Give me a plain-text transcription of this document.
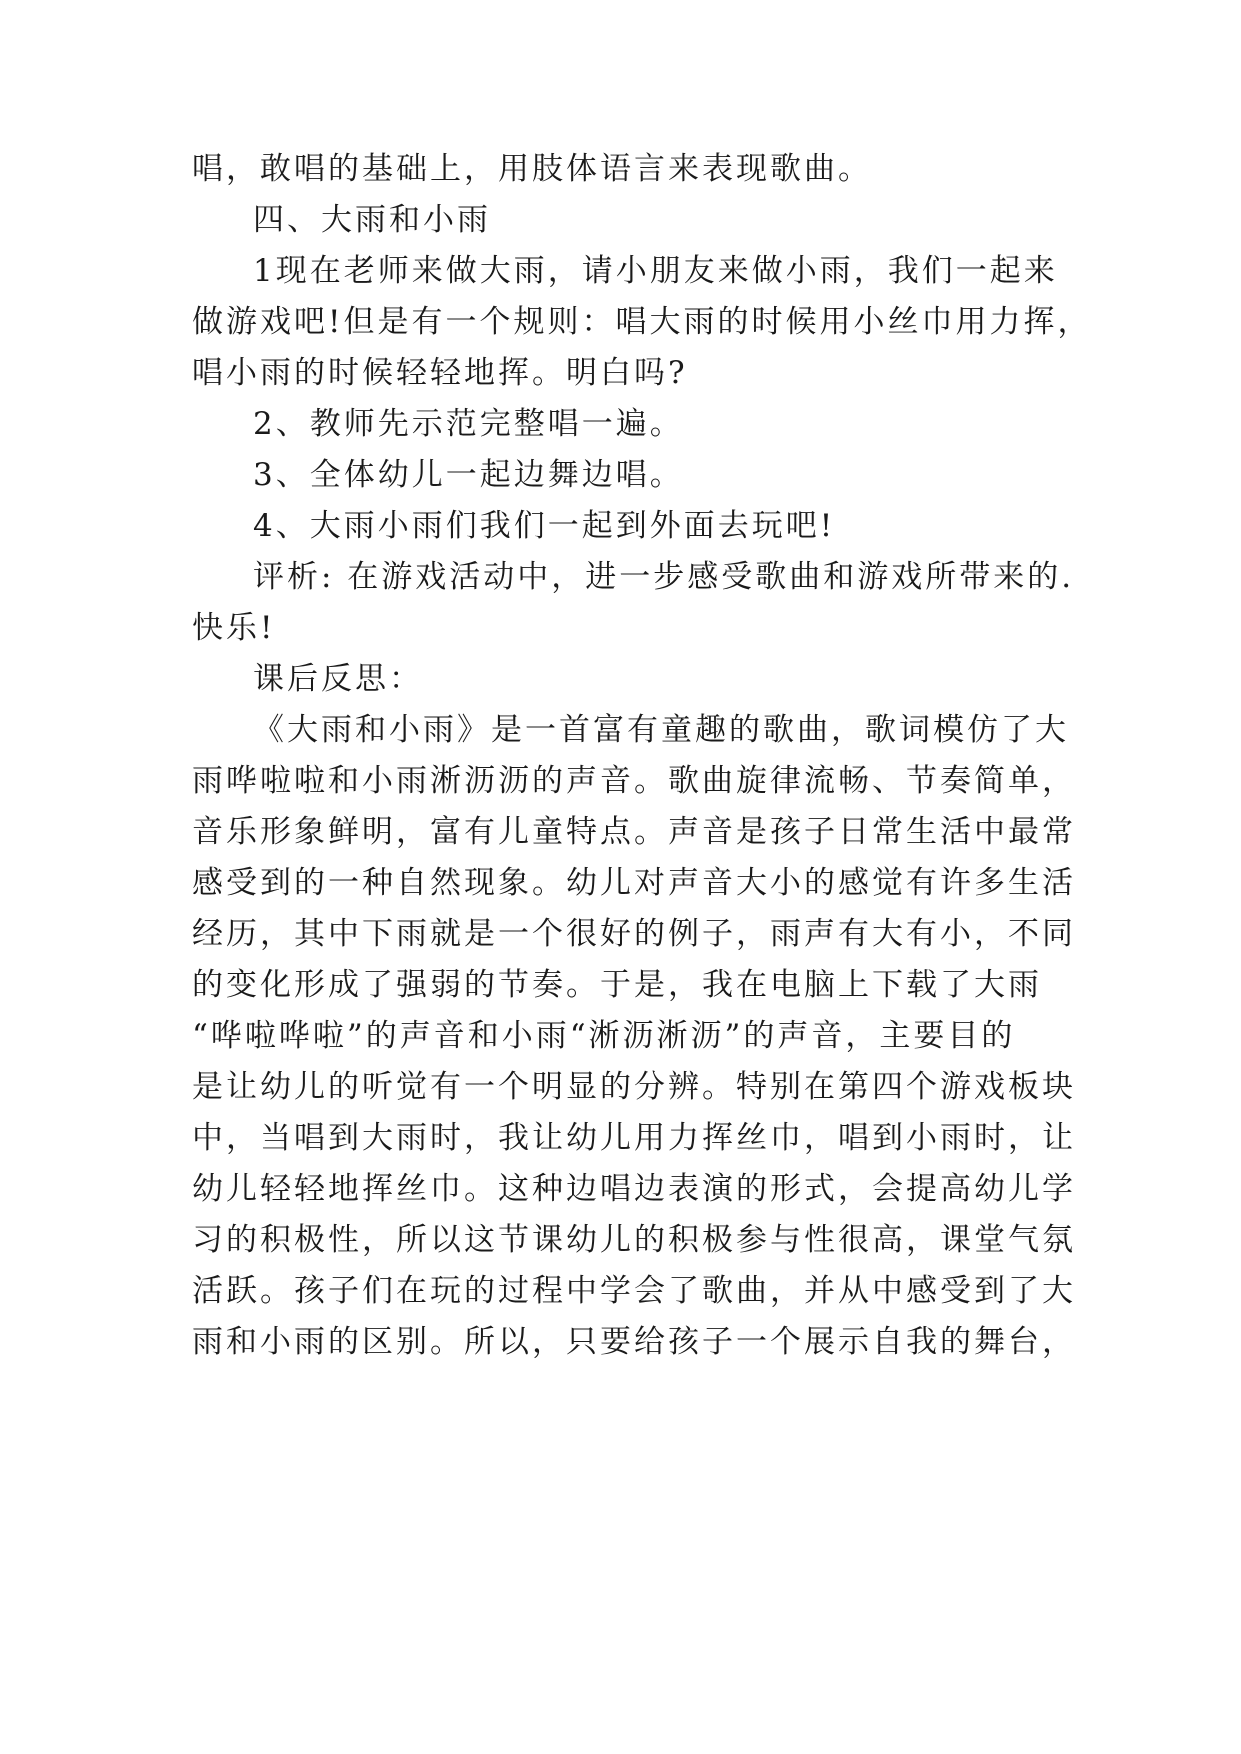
唱，敢唱的基础上，用肢体语言来表现歌曲。
四、大雨和小雨
1现在老师来做大雨，请小朋友来做小雨，我们一起来
做游戏吧!但是有一个规则：唱大雨的时候用小丝巾用力挥，
唱小雨的时候轻轻地挥。明白吗?
2、教师先示范完整唱一遍。
3、全体幼儿一起边舞边唱。
4、大雨小雨们我们一起到外面去玩吧!
评析: 在游戏活动中，进一步感受歌曲和游戏所带来的.
快乐!
课后反思：
《大雨和小雨》是一首富有童趣的歌曲，歌词模仿了大
雨哗啦啦和小雨淅沥沥的声音。歌曲旋律流畅、节奏简单，
音乐形象鲜明，富有儿童特点。声音是孩子日常生活中最常
感受到的一种自然现象。幼儿对声音大小的感觉有许多生活
经历，其中下雨就是一个很好的例子，雨声有大有小，不同
的变化形成了强弱的节奏。于是，我在电脑上下载了大雨
“哗啦哗啦”的声音和小雨“淅沥淅沥”的声音，主要目的
是让幼儿的听觉有一个明显的分辨。特别在第四个游戏板块
中，当唱到大雨时，我让幼儿用力挥丝巾，唱到小雨时，让
幼儿轻轻地挥丝巾。这种边唱边表演的形式，会提高幼儿学
习的积极性，所以这节课幼儿的积极参与性很高，课堂气氛
活跃。孩子们在玩的过程中学会了歌曲，并从中感受到了大
雨和小雨的区别。所以，只要给孩子一个展示自我的舞台，
